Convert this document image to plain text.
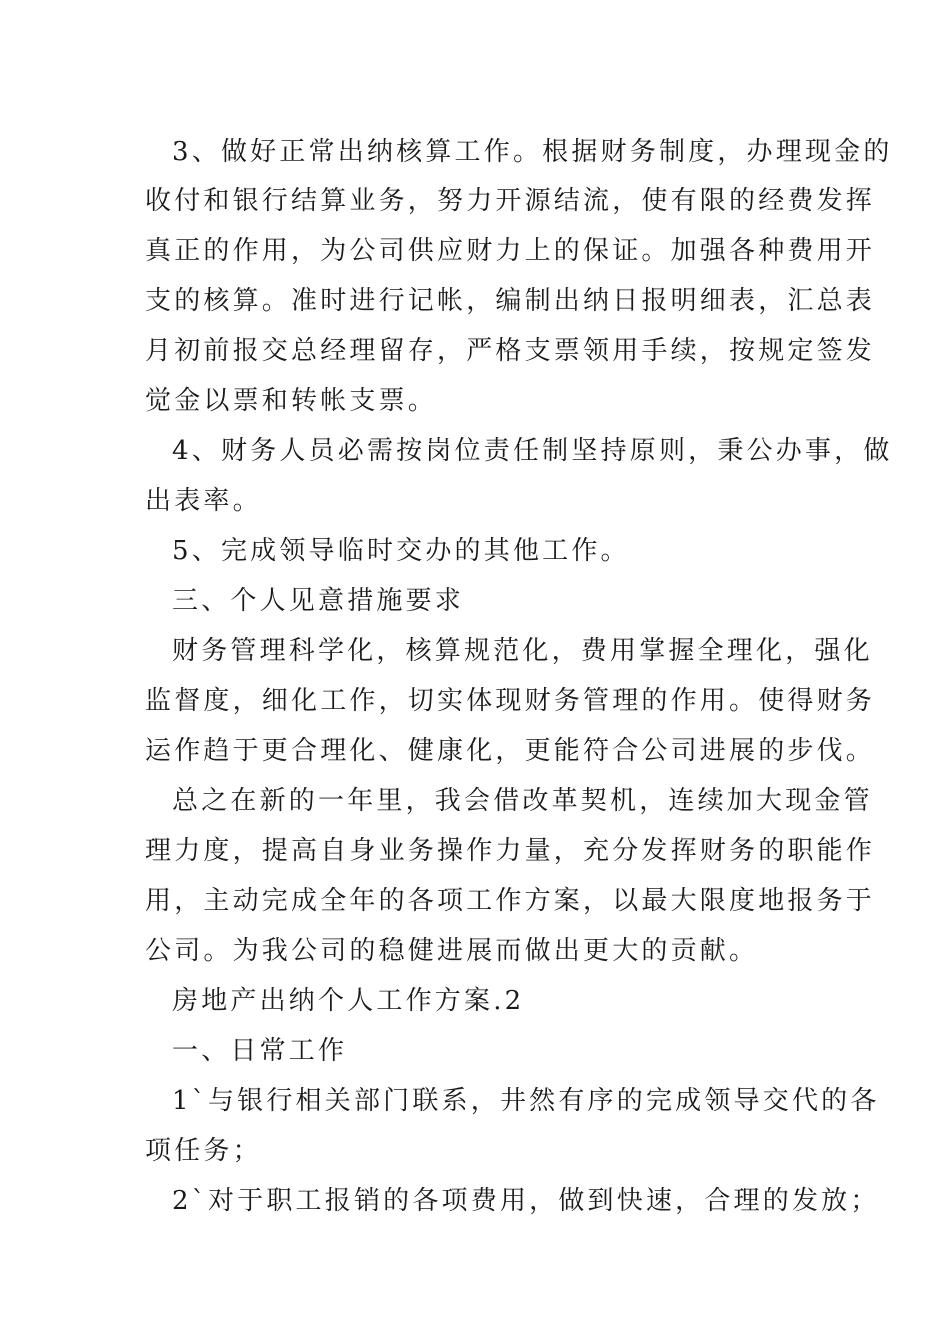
3、做好正常出纳核算工作。根据财务制度，办理现金的
收付和银行结算业务，努力开源结流，使有限的经费发挥
真正的作用，为公司供应财力上的保证。加强各种费用开
支的核算。准时进行记帐，编制出纳日报明细表，汇总表
月初前报交总经理留存，严格支票领用手续，按规定签发
觉金以票和转帐支票。
4、财务人员必需按岗位责任制坚持原则，秉公办事，做
出表率。
5、完成领导临时交办的其他工作。
三、个人见意措施要求
财务管理科学化，核算规范化，费用掌握全理化，强化
监督度，细化工作，切实体现财务管理的作用。使得财务
运作趋于更合理化、健康化，更能符合公司进展的步伐。
总之在新的一年里，我会借改革契机，连续加大现金管
理力度，提高自身业务操作力量，充分发挥财务的职能作
用，主动完成全年的各项工作方案，以最大限度地报务于
公司。为我公司的稳健进展而做出更大的贡献。
房地产出纳个人工作方案.2
一、日常工作
1`与银行相关部门联系，井然有序的完成领导交代的各
项任务；
2`对于职工报销的各项费用，做到快速，合理的发放；
